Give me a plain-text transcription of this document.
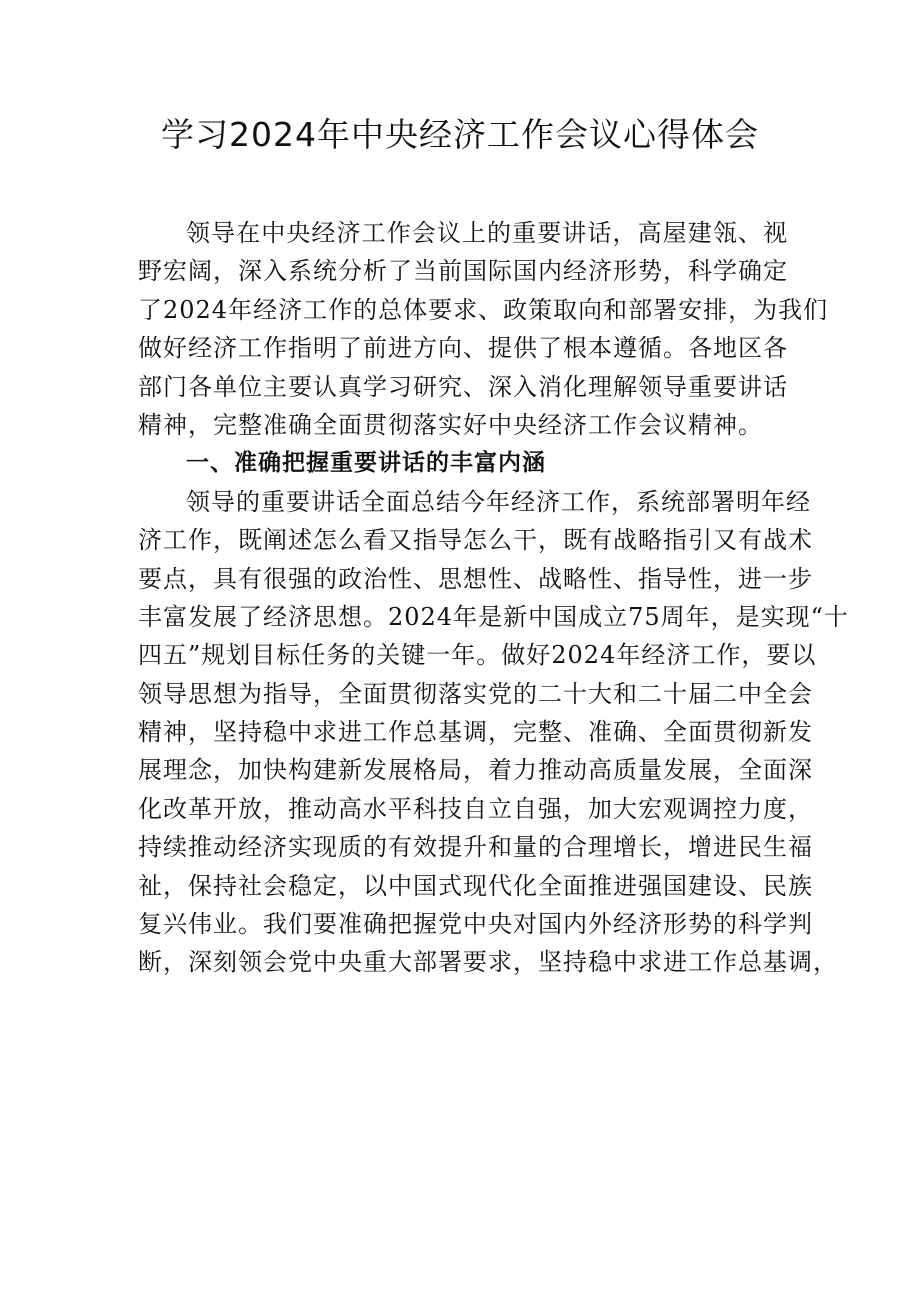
学习2024年中央经济工作会议心得体会
领导在中央经济工作会议上的重要讲话，高屋建瓴、视
野宏阔，深入系统分析了当前国际国内经济形势，科学确定
了2024年经济工作的总体要求、政策取向和部署安排，为我们
做好经济工作指明了前进方向、提供了根本遵循。各地区各
部门各单位主要认真学习研究、深入消化理解领导重要讲话
精神，完整准确全面贯彻落实好中央经济工作会议精神。
一、准确把握重要讲话的丰富内涵
领导的重要讲话全面总结今年经济工作，系统部署明年经
济工作，既阐述怎么看又指导怎么干，既有战略指引又有战术
要点，具有很强的政治性、思想性、战略性、指导性，进一步
丰富发展了经济思想。2024年是新中国成立75周年，是实现“十
四五”规划目标任务的关键一年。做好2024年经济工作，要以
领导思想为指导，全面贯彻落实党的二十大和二十届二中全会
精神，坚持稳中求进工作总基调，完整、准确、全面贯彻新发
展理念，加快构建新发展格局，着力推动高质量发展，全面深
化改革开放，推动高水平科技自立自强，加大宏观调控力度，
持续推动经济实现质的有效提升和量的合理增长，增进民生福
祉，保持社会稳定，以中国式现代化全面推进强国建设、民族
复兴伟业。我们要准确把握党中央对国内外经济形势的科学判
断，深刻领会党中央重大部署要求，坚持稳中求进工作总基调，
